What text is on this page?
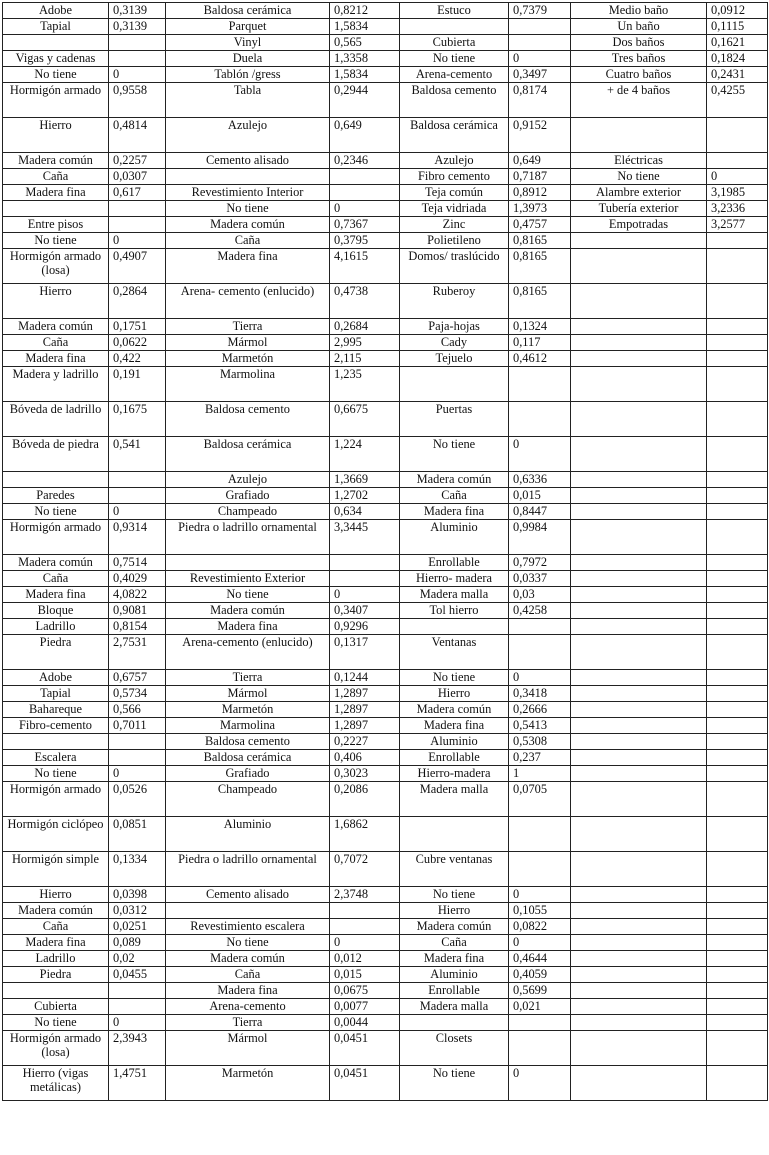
Adobe	0,3139	Baldosa cerámica	0,8212	Estuco	0,7379	Medio baño	0,0912
Tapial	0,3139	Parquet	1,5834			Un baño	0,1115
		Vinyl	0,565	Cubierta		Dos baños	0,1621
Vigas y cadenas		Duela	1,3358	No tiene	0	Tres baños	0,1824
No tiene	0	Tablón /gress	1,5834	Arena-cemento	0,3497	Cuatro baños	0,2431
Hormigón armado	0,9558	Tabla	0,2944	Baldosa cemento	0,8174	+ de 4 baños	0,4255
Hierro	0,4814	Azulejo	0,649	Baldosa cerámica	0,9152		
Madera común	0,2257	Cemento alisado	0,2346	Azulejo	0,649	Eléctricas	
Caña	0,0307			Fibro cemento	0,7187	No tiene	0
Madera fina	0,617	Revestimiento Interior		Teja común	0,8912	Alambre exterior	3,1985
		No tiene	0	Teja vidriada	1,3973	Tubería exterior	3,2336
Entre pisos		Madera común	0,7367	Zinc	0,4757	Empotradas	3,2577
No tiene	0	Caña	0,3795	Polietileno	0,8165		
Hormigón armado (losa)	0,4907	Madera fina	4,1615	Domos/ traslúcido	0,8165		
Hierro	0,2864	Arena- cemento (enlucido)	0,4738	Ruberoy	0,8165		
Madera común	0,1751	Tierra	0,2684	Paja-hojas	0,1324		
Caña	0,0622	Mármol	2,995	Cady	0,117		
Madera fina	0,422	Marmetón	2,115	Tejuelo	0,4612		
Madera y ladrillo	0,191	Marmolina	1,235				
Bóveda de ladrillo	0,1675	Baldosa cemento	0,6675	Puertas			
Bóveda de piedra	0,541	Baldosa cerámica	1,224	No tiene	0		
		Azulejo	1,3669	Madera común	0,6336		
Paredes		Grafiado	1,2702	Caña	0,015		
No tiene	0	Champeado	0,634	Madera fina	0,8447		
Hormigón armado	0,9314	Piedra o ladrillo ornamental	3,3445	Aluminio	0,9984		
Madera común	0,7514			Enrollable	0,7972		
Caña	0,4029	Revestimiento Exterior		Hierro- madera	0,0337		
Madera fina	4,0822	No tiene	0	Madera malla	0,03		
Bloque	0,9081	Madera común	0,3407	Tol hierro	0,4258		
Ladrillo	0,8154	Madera fina	0,9296				
Piedra	2,7531	Arena-cemento (enlucido)	0,1317	Ventanas			
Adobe	0,6757	Tierra	0,1244	No tiene	0		
Tapial	0,5734	Mármol	1,2897	Hierro	0,3418		
Bahareque	0,566	Marmetón	1,2897	Madera común	0,2666		
Fibro-cemento	0,7011	Marmolina	1,2897	Madera fina	0,5413		
		Baldosa cemento	0,2227	Aluminio	0,5308		
Escalera		Baldosa cerámica	0,406	Enrollable	0,237		
No tiene	0	Grafiado	0,3023	Hierro-madera	1		
Hormigón armado	0,0526	Champeado	0,2086	Madera malla	0,0705		
Hormigón ciclópeo	0,0851	Aluminio	1,6862				
Hormigón simple	0,1334	Piedra o ladrillo ornamental	0,7072	Cubre ventanas			
Hierro	0,0398	Cemento alisado	2,3748	No tiene	0		
Madera común	0,0312			Hierro	0,1055		
Caña	0,0251	Revestimiento escalera		Madera común	0,0822		
Madera fina	0,089	No tiene	0	Caña	0		
Ladrillo	0,02	Madera común	0,012	Madera fina	0,4644		
Piedra	0,0455	Caña	0,015	Aluminio	0,4059		
		Madera fina	0,0675	Enrollable	0,5699		
Cubierta		Arena-cemento	0,0077	Madera malla	0,021		
No tiene	0	Tierra	0,0044				
Hormigón armado (losa)	2,3943	Mármol	0,0451	Closets			
Hierro (vigas metálicas)	1,4751	Marmetón	0,0451	No tiene	0		
